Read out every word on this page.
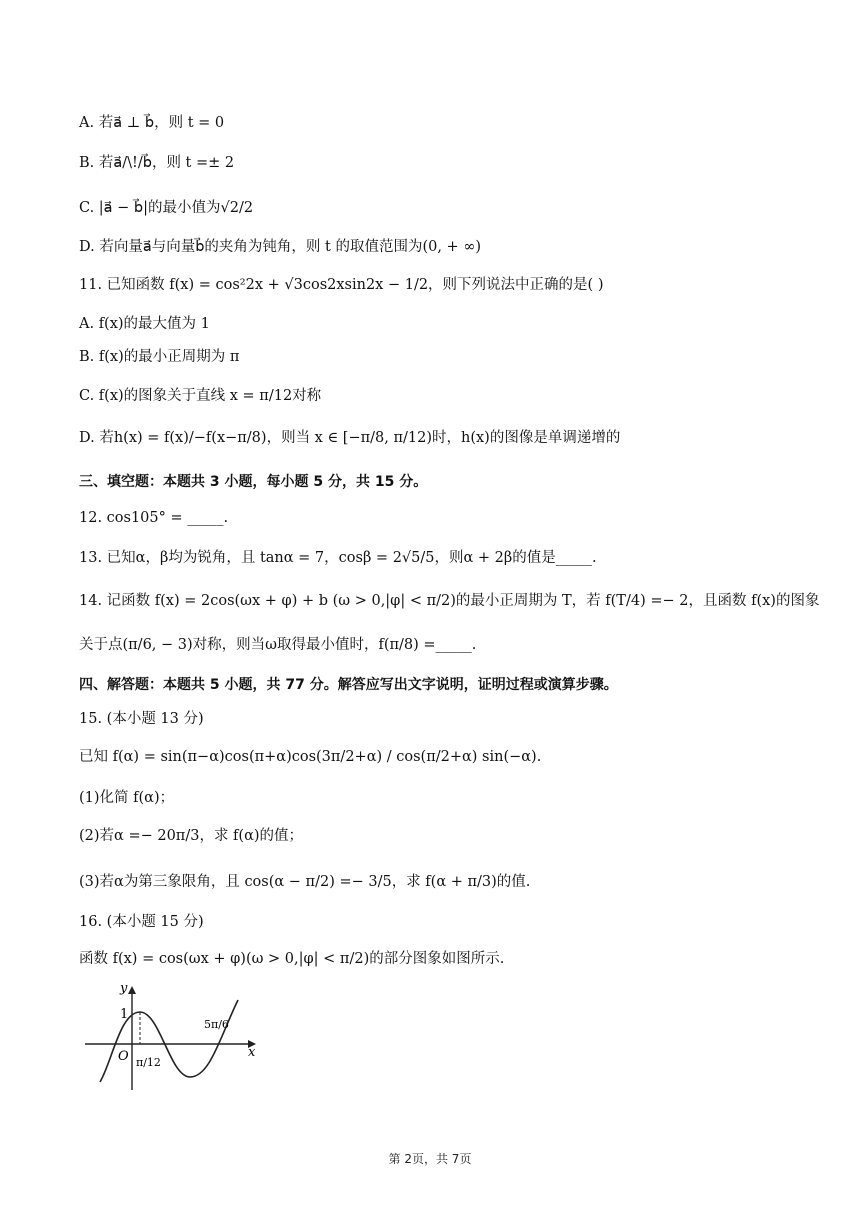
A. 若a⃗ ⊥ b⃗，则 t = 0
B. 若a⃗/\!/b⃗，则 t =± 2
C. |a⃗ − b⃗|的最小值为√2/2
D. 若向量a⃗与向量b⃗的夹角为钝角，则 t 的取值范围为(0, + ∞)
11. 已知函数 f(x) = cos²2x + √3cos2xsin2x − 1/2，则下列说法中正确的是( )
A. f(x)的最大值为 1
B. f(x)的最小正周期为 π
C. f(x)的图象关于直线 x = π/12对称
D. 若h(x) = f(x)/−f(x−π/8)，则当 x ∈ [−π/8, π/12)时，h(x)的图像是单调递增的
三、填空题：本题共 3 小题，每小题 5 分，共 15 分。
12. cos105° = _____.
13. 已知α，β均为锐角，且 tanα = 7，cosβ = 2√5/5，则α + 2β的值是_____.
14. 记函数 f(x) = 2cos(ωx + φ) + b (ω > 0,|φ| < π/2)的最小正周期为 T，若 f(T/4) =− 2，且函数 f(x)的图象
关于点(π/6, − 3)对称，则当ω取得最小值时，f(π/8) =_____.
四、解答题：本题共 5 小题，共 77 分。解答应写出文字说明，证明过程或演算步骤。
15. (本小题 13 分)
已知 f(α) = sin(π−α)cos(π+α)cos(3π/2+α) / cos(π/2+α) sin(−α).
(1)化简 f(α)；
(2)若α =− 20π/3，求 f(α)的值；
(3)若α为第三象限角，且 cos(α − π/2) =− 3/5，求 f(α + π/3)的值.
16. (本小题 15 分)
函数 f(x) = cos(ωx + φ)(ω > 0,|φ| < π/2)的部分图象如图所示.
y
x
O
1
π/12
5π/6
第 2页，共 7页
